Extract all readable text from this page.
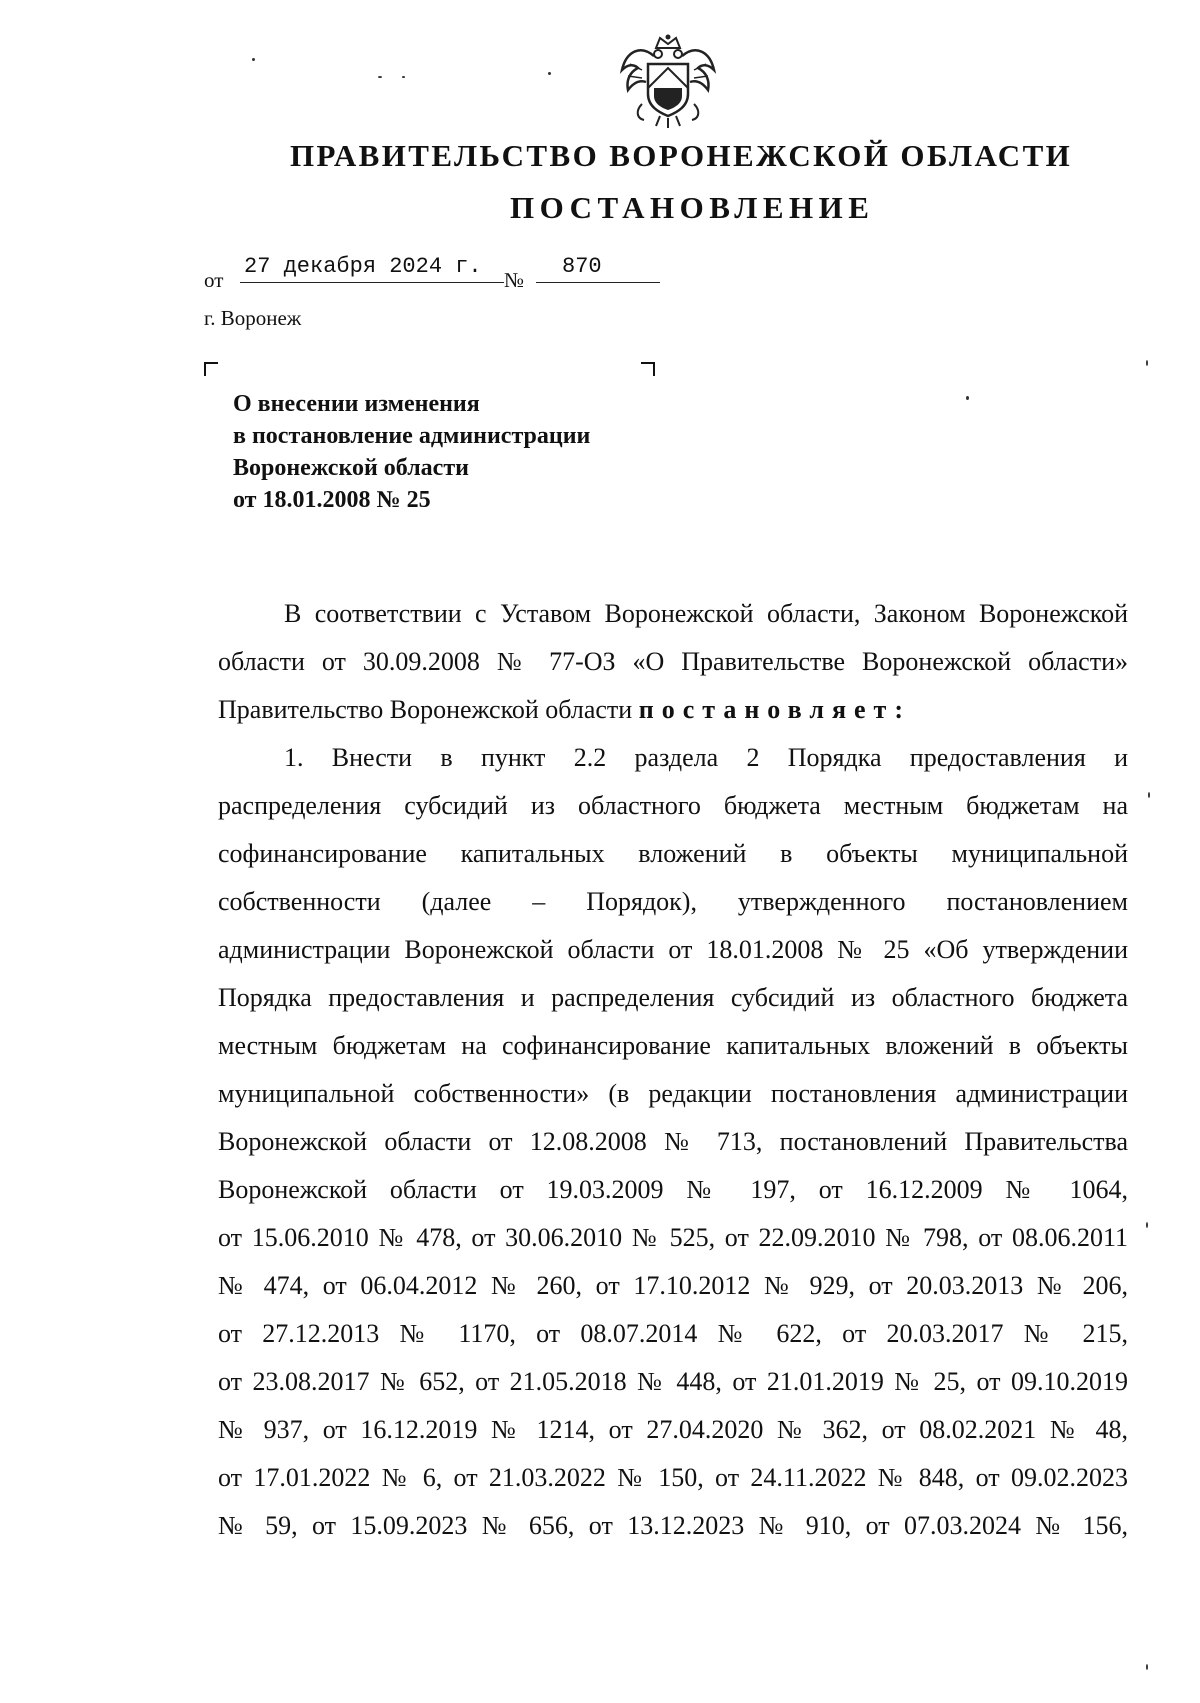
ПРАВИТЕЛЬСТВО ВОРОНЕЖСКОЙ ОБЛАСТИ
ПОСТАНОВЛЕНИЕ
от
27 декабря 2024 г.
№
870
г. Воронеж
О внесении изменения
в постановление администрации
Воронежской области
от 18.01.2008 № 25
В соответствии с Уставом Воронежской области, Законом Воронежской
области от 30.09.2008 № 77-ОЗ «О Правительстве Воронежской области»
Правительство Воронежской области постановляет:
1. Внести в пункт 2.2 раздела 2 Порядка предоставления и
распределения субсидий из областного бюджета местным бюджетам на
софинансирование капитальных вложений в объекты муниципальной
собственности (далее – Порядок), утвержденного постановлением
администрации Воронежской области от 18.01.2008 № 25 «Об утверждении
Порядка предоставления и распределения субсидий из областного бюджета
местным бюджетам на софинансирование капитальных вложений в объекты
муниципальной собственности» (в редакции постановления администрации
Воронежской области от 12.08.2008 № 713, постановлений Правительства
Воронежской области от 19.03.2009 № 197, от 16.12.2009 № 1064,
от 15.06.2010 № 478, от 30.06.2010 № 525, от 22.09.2010 № 798, от 08.06.2011
№ 474, от 06.04.2012 № 260, от 17.10.2012 № 929, от 20.03.2013 № 206,
от 27.12.2013 № 1170, от 08.07.2014 № 622, от 20.03.2017 № 215,
от 23.08.2017 № 652, от 21.05.2018 № 448, от 21.01.2019 № 25, от 09.10.2019
№ 937, от 16.12.2019 № 1214, от 27.04.2020 № 362, от 08.02.2021 № 48,
от 17.01.2022 № 6, от 21.03.2022 № 150, от 24.11.2022 № 848, от 09.02.2023
№ 59, от 15.09.2023 № 656, от 13.12.2023 № 910, от 07.03.2024 № 156,
